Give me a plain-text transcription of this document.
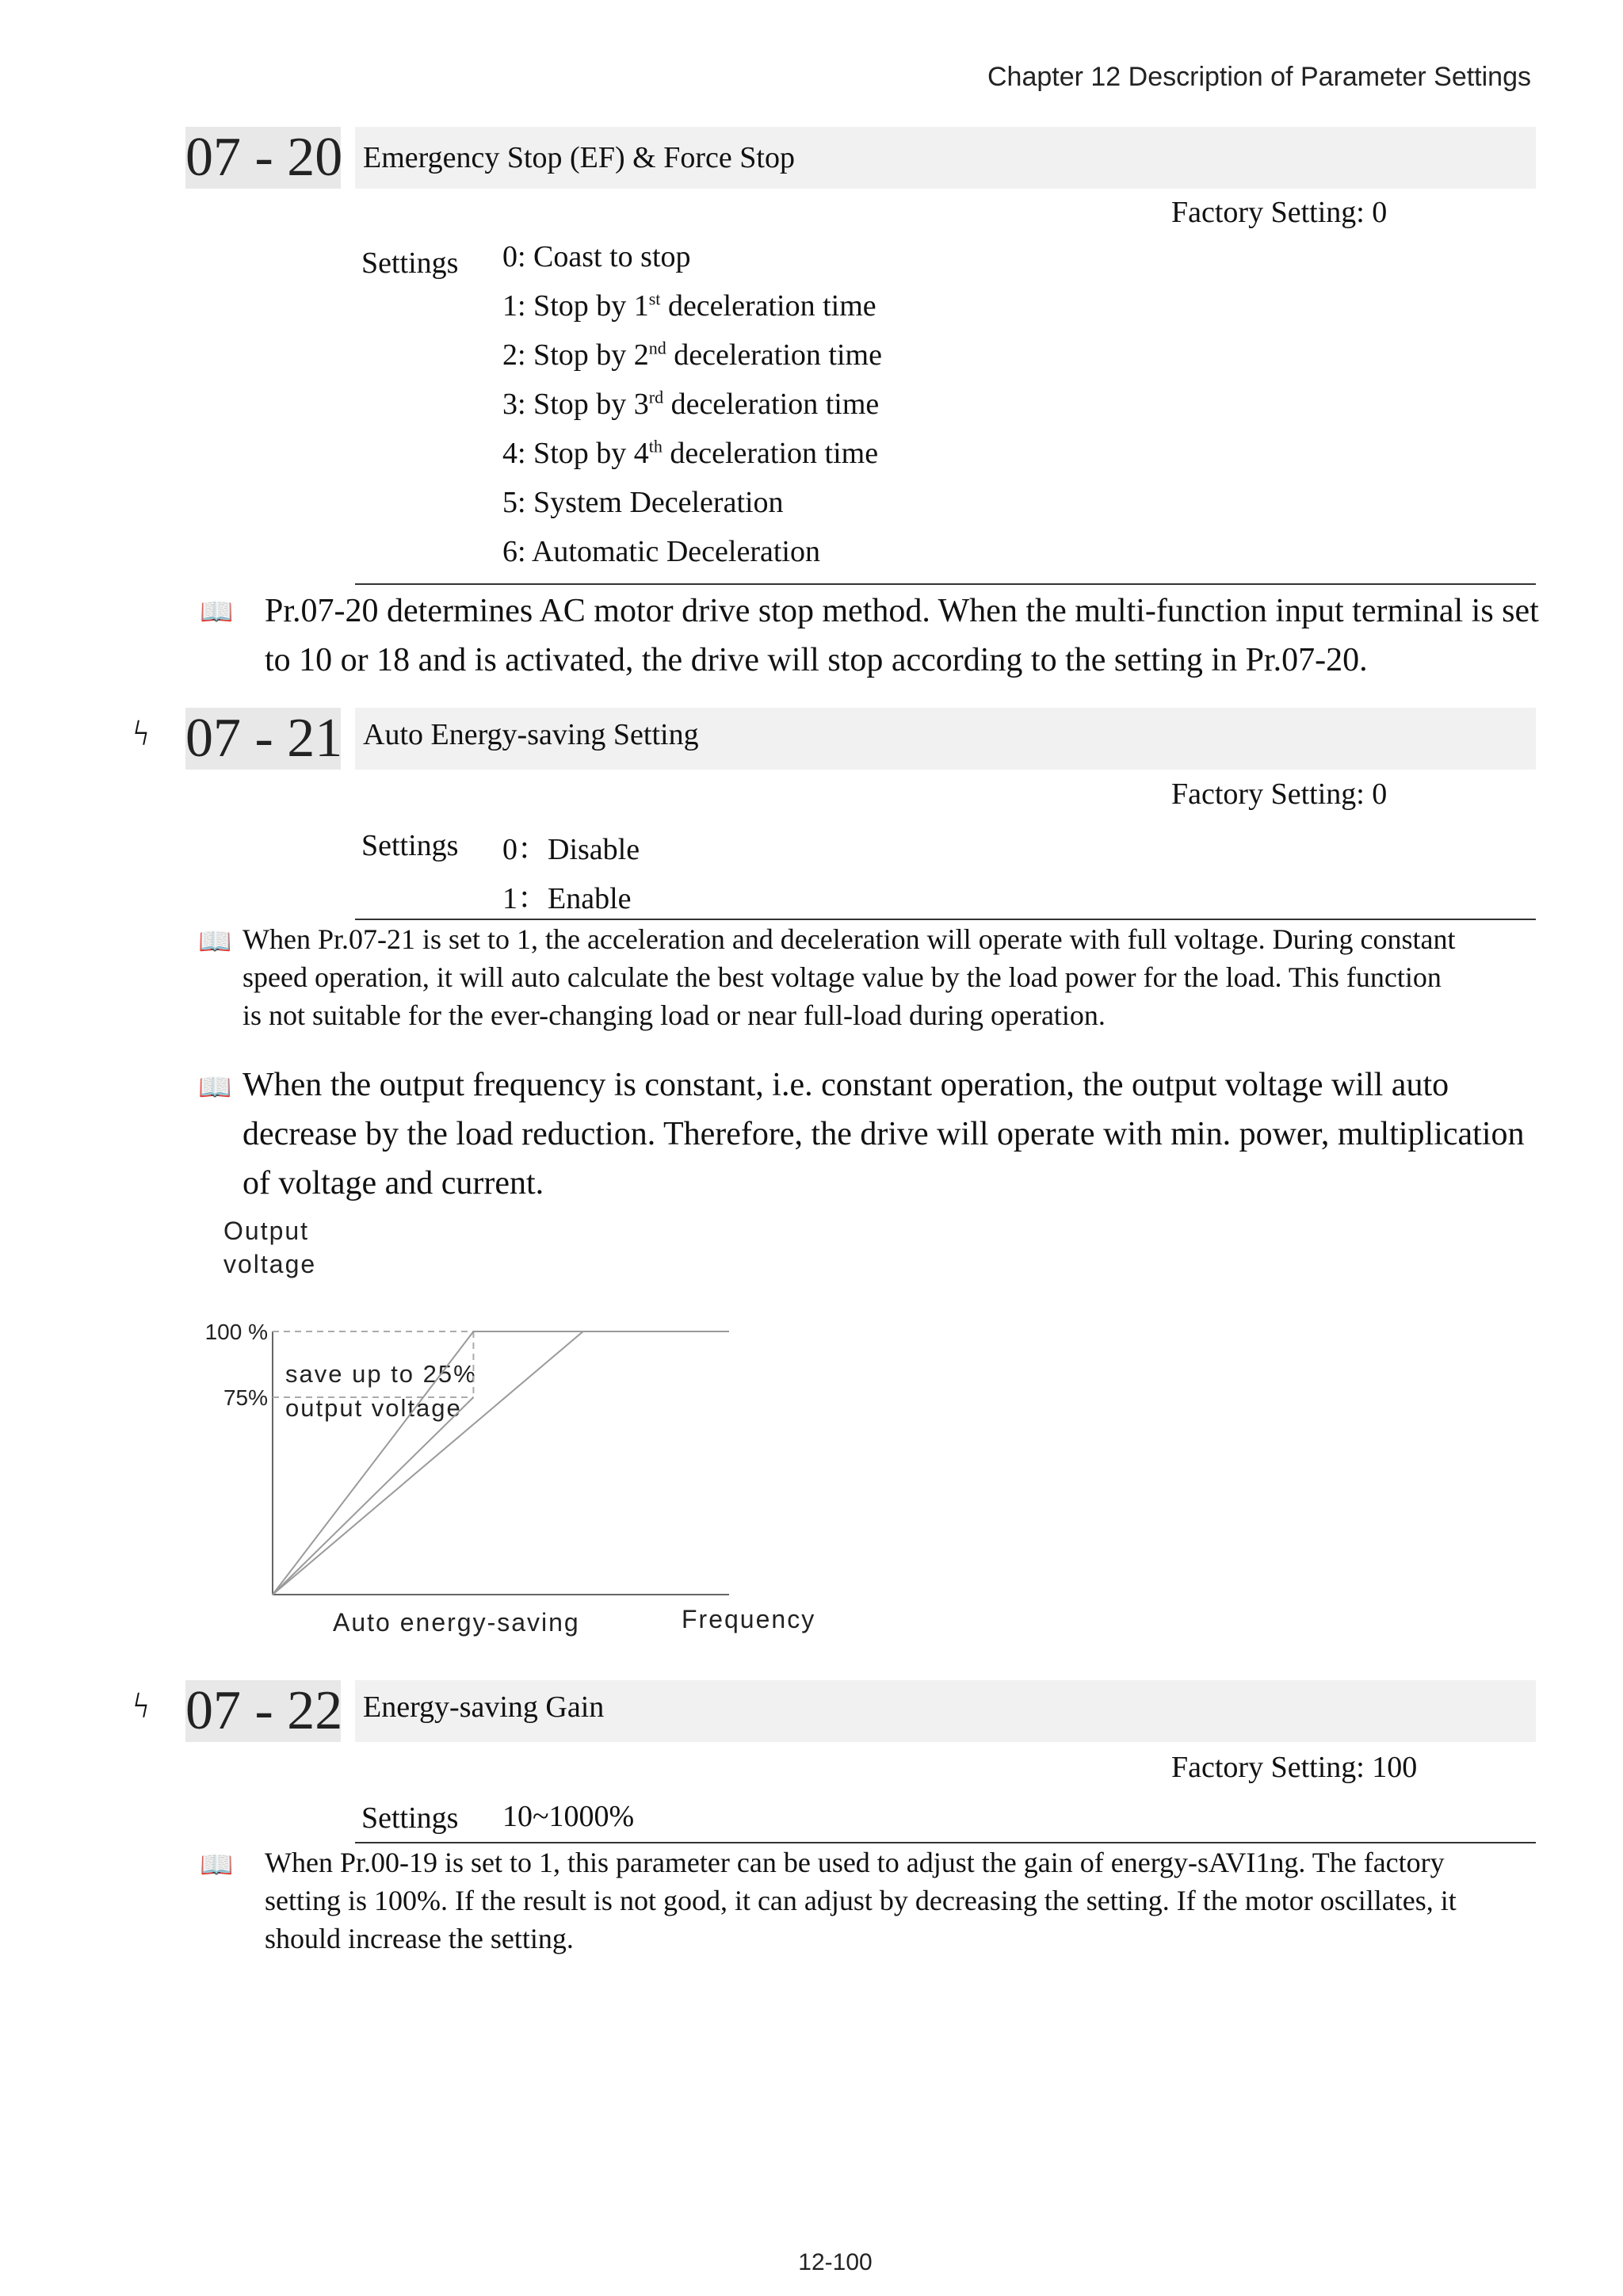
Chapter 12 Description of Parameter Settings
07 - 20 Emergency Stop (EF) & Force Stop
Factory Setting: 0
Settings 0: Coast to stop
1: Stop by 1st deceleration time
2: Stop by 2nd deceleration time
3: Stop by 3rd deceleration time
4: Stop by 4th deceleration time
5: System Deceleration
6: Automatic Deceleration
📖 Pr.07-20 determines AC motor drive stop method. When the multi-function input terminal is set
to 10 or 18 and is activated, the drive will stop according to the setting in Pr.07-20.
ϟ 07 - 21 Auto Energy-saving Setting
Factory Setting: 0
Settings 0：Disable
1：Enable
📖 When Pr.07-21 is set to 1, the acceleration and deceleration will operate with full voltage. During constant
speed operation, it will auto calculate the best voltage value by the load power for the load. This function
is not suitable for the ever-changing load or near full-load during operation.
📖 When the output frequency is constant, i.e. constant operation, the output voltage will auto
decrease by the load reduction. Therefore, the drive will operate with min. power, multiplication
of voltage and current.
Output
voltage
100 %
75%
save up to 25%
output voltage
Auto energy-saving	Frequency
ϟ 07 - 22 Energy-saving Gain
Factory Setting: 100
Settings 10~1000%
📖 When Pr.00-19 is set to 1, this parameter can be used to adjust the gain of energy-sAVI1ng. The factory
setting is 100%. If the result is not good, it can adjust by decreasing the setting. If the motor oscillates, it
should increase the setting.
12-100
